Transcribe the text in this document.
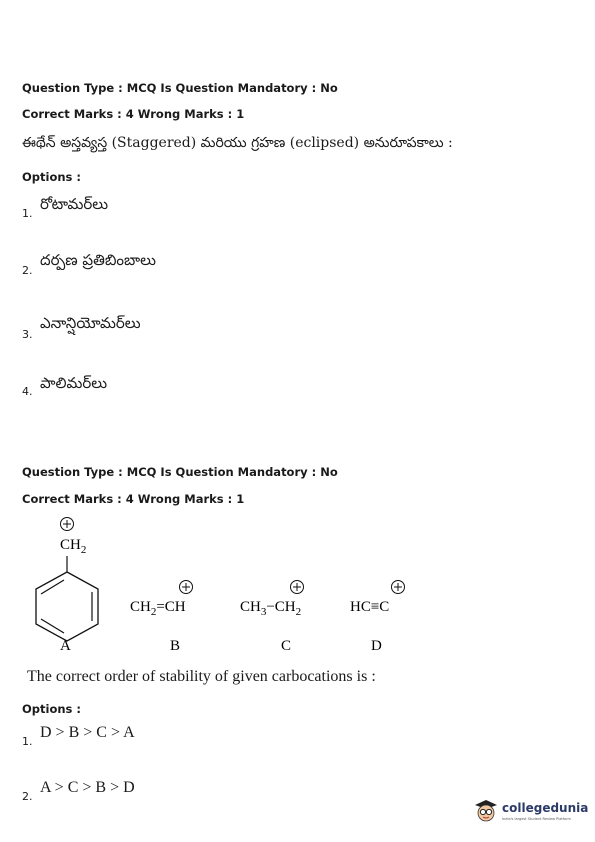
Question Type : MCQ Is Question Mandatory : No
Correct Marks : 4 Wrong Marks : 1
ఈథేన్ అస్తవ్యస్త (Staggered) మరియు గ్రహణ (eclipsed) అనురూపకాలు :
Options :
1.
రోటామర్‌లు
2.
దర్పణ ప్రతిబింబాలు
3.
ఎనాన్షియోమర్‌లు
4. పాలిమర్‌లు
Question Type : MCQ Is Question Mandatory : No
Correct Marks : 4 Wrong Marks : 1
$CH_2$
A
$CH_2=CH$
B
$CH_3-CH_2$
C
HC≡C
D
The correct order of stability of given carbocations is :
Options :
1.
D > B > C > A
2.
A > C > B > D
collegedunia
India's largest Student Review Platform
